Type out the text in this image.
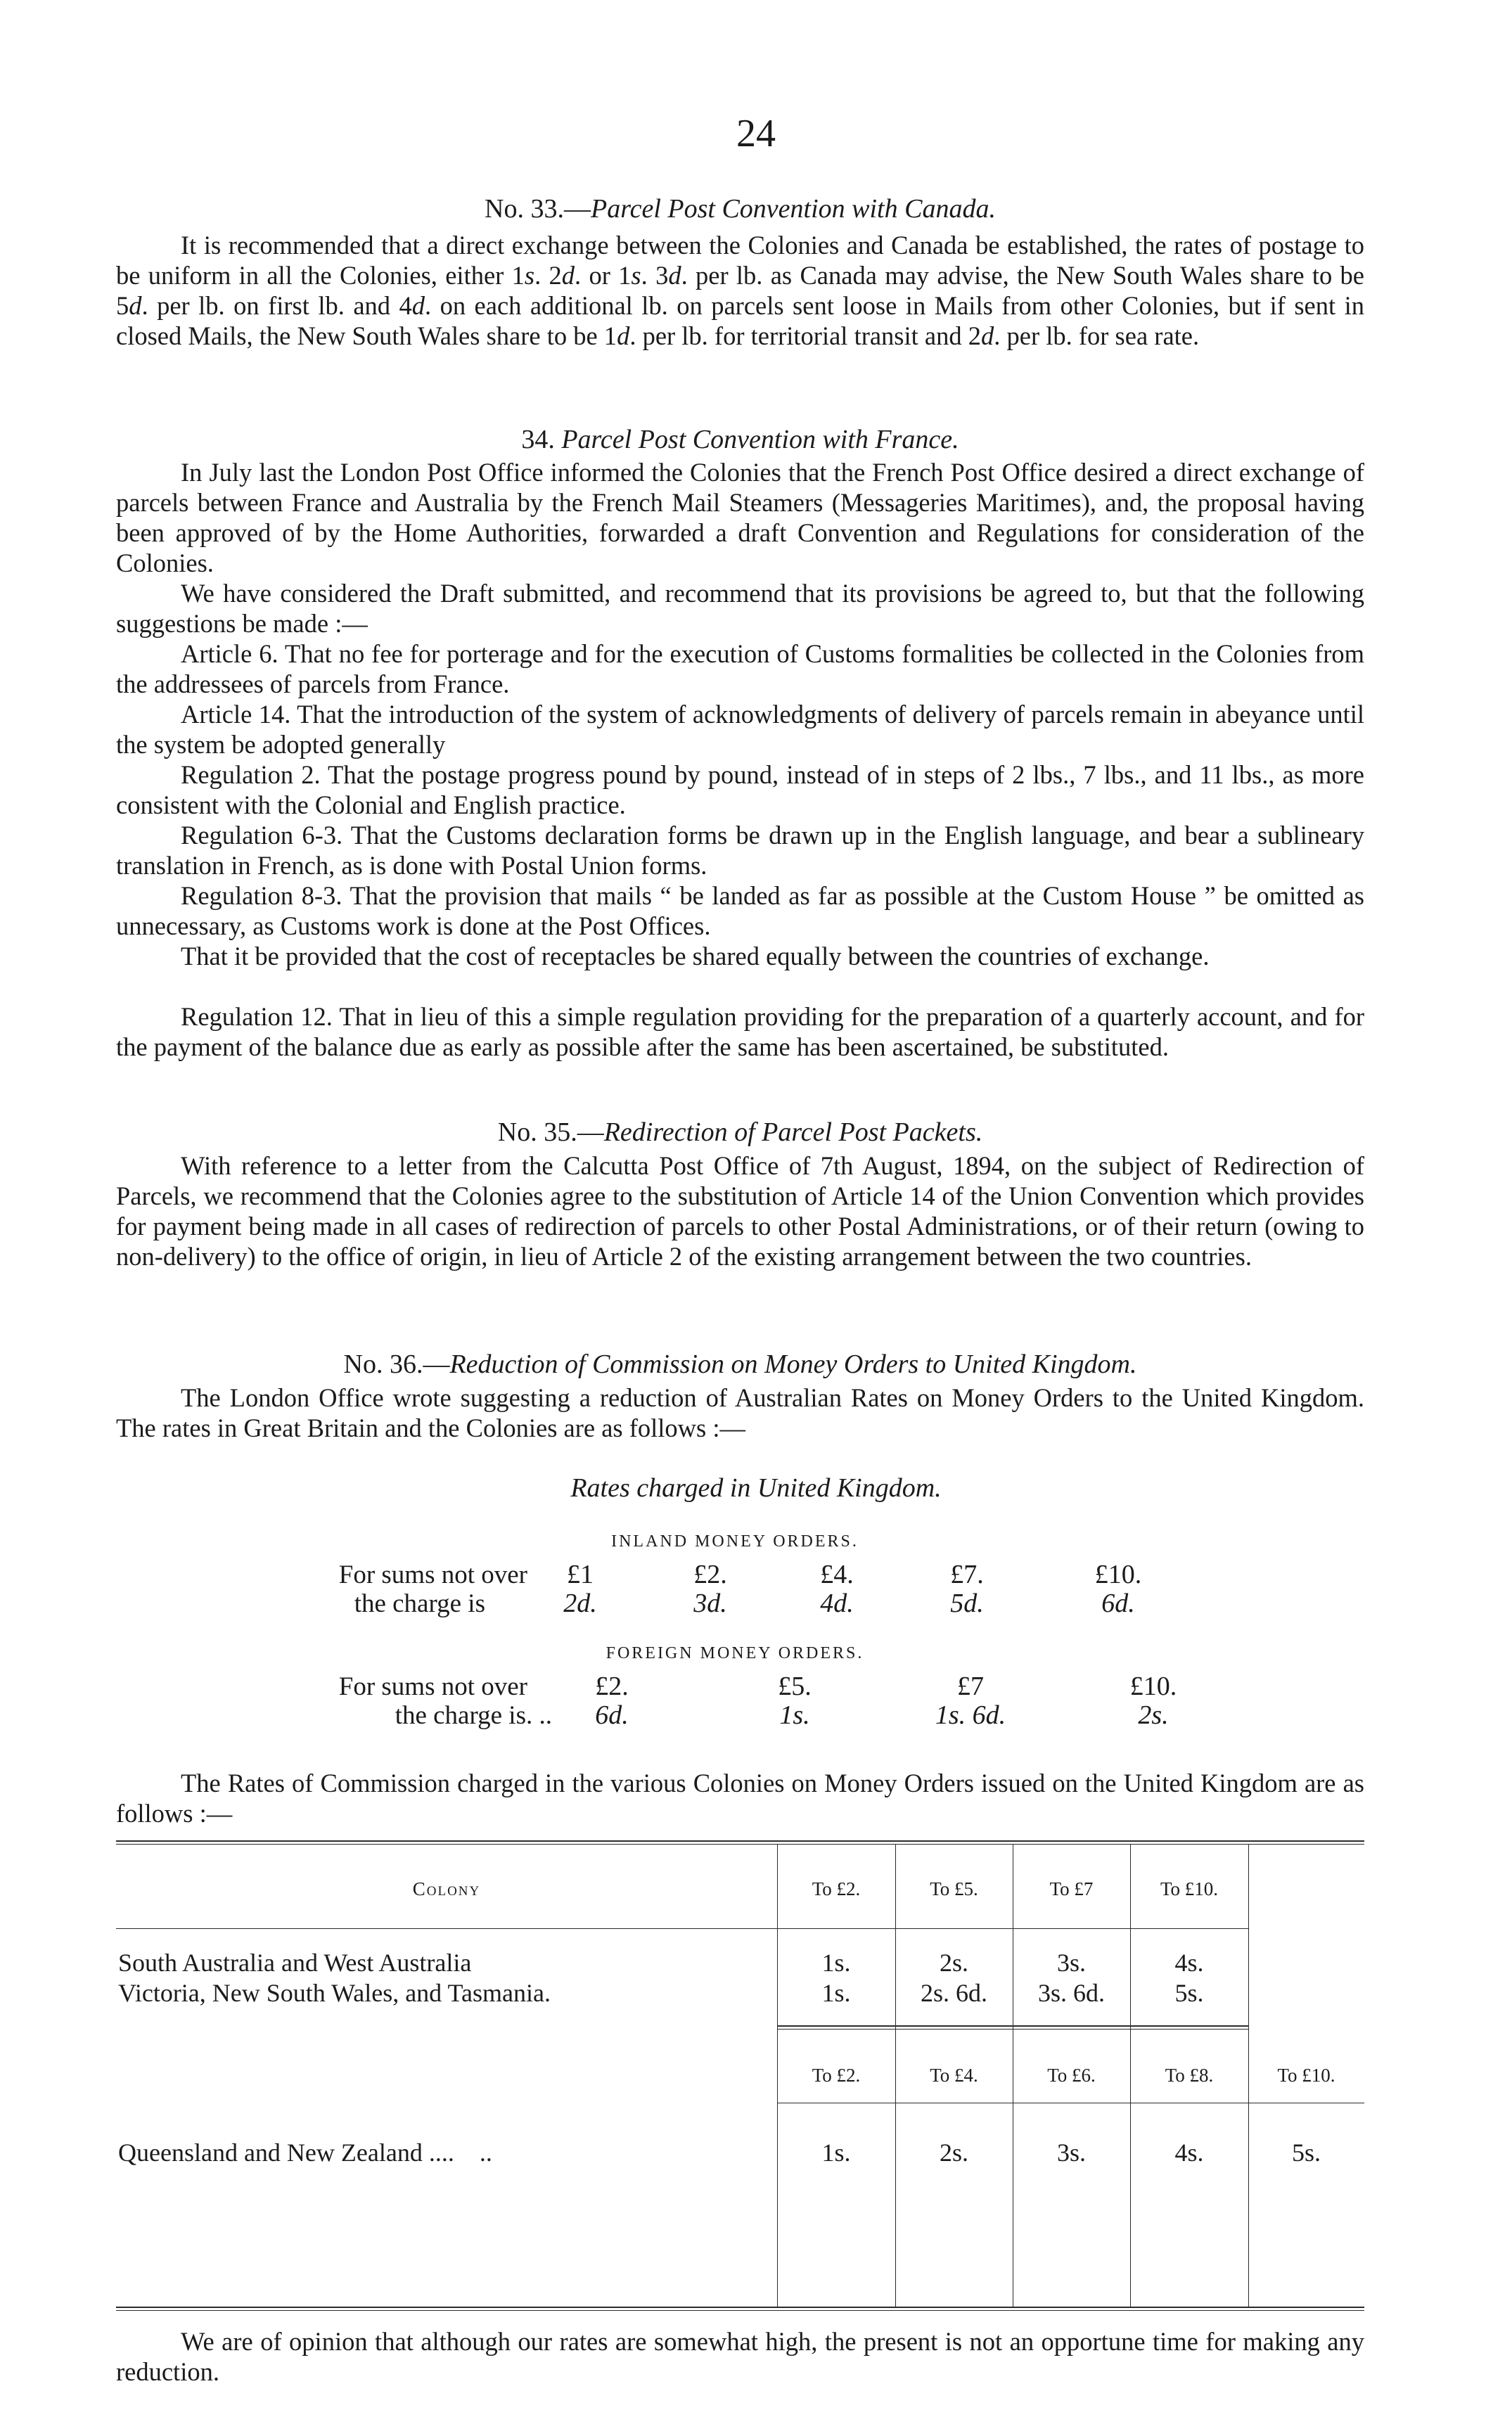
24
No. 33.—Parcel Post Convention with Canada.

It is recommended that a direct exchange between the Colonies and Canada be established, the rates of postage to be uniform in all the Colonies, either 1s. 2d. or 1s. 3d. per lb. as Canada may advise, the New South Wales share to be 5d. per lb. on first lb. and 4d. on each additional lb. on parcels sent loose in Mails from other Colonies, but if sent in closed Mails, the New South Wales share to be 1d. per lb. for territorial transit and 2d. per lb. for sea rate.

34. Parcel Post Convention with France.

In July last the London Post Office informed the Colonies that the French Post Office desired a direct exchange of parcels between France and Australia by the French Mail Steamers (Messageries Maritimes), and, the proposal having been approved of by the Home Authorities, forwarded a draft Convention and Regulations for consideration of the Colonies.

We have considered the Draft submitted, and recommend that its provisions be agreed to, but that the following suggestions be made :—

Article 6. That no fee for porterage and for the execution of Customs formalities be collected in the Colonies from the addressees of parcels from France.

Article 14. That the introduction of the system of acknowledgments of delivery of parcels remain in abeyance until the system be adopted generally

Regulation 2. That the postage progress pound by pound, instead of in steps of 2 lbs., 7 lbs., and 11 lbs., as more consistent with the Colonial and English practice.

Regulation 6-3. That the Customs declaration forms be drawn up in the English language, and bear a sublineary translation in French, as is done with Postal Union forms.

Regulation 8-3. That the provision that mails “ be landed as far as possible at the Custom House ” be omitted as unnecessary, as Customs work is done at the Post Offices.

That it be provided that the cost of receptacles be shared equally between the countries of exchange.

Regulation 12. That in lieu of this a simple regulation providing for the preparation of a quarterly account, and for the payment of the balance due as early as possible after the same has been ascertained, be substituted.

No. 35.—Redirection of Parcel Post Packets.

With reference to a letter from the Calcutta Post Office of 7th August, 1894, on the subject of Redirection of Parcels, we recommend that the Colonies agree to the substitution of Article 14 of the Union Convention which provides for payment being made in all cases of redirection of parcels to other Postal Administrations, or of their return (owing to non-delivery) to the office of origin, in lieu of Article 2 of the existing arrangement between the two countries.

No. 36.—Reduction of Commission on Money Orders to United Kingdom.

The London Office wrote suggesting a reduction of Australian Rates on Money Orders to the United Kingdom. The rates in Great Britain and the Colonies are as follows :—

Rates charged in United Kingdom.
INLAND MONEY ORDERS.
For sums not over
the charge is
£1	£2.	£4.	£7.	£10.
2d.	3d.	4d.	5d.	6d.
FOREIGN MONEY ORDERS.
For sums not over
the charge is. ..
£2.	£5.	£7	£10.
6d.	1s.	1s. 6d.	2s.

The Rates of Commission charged in the various Colonies on Money Orders issued on the United Kingdom are as follows :—

Colony	To £2.	To £5.	To £7	To £10.
South Australia and West Australia	1s.	2s.	3s.	4s.
Victoria, New South Wales, and Tasmania.	1s.	2s. 6d.	3s. 6d.	5s.
To £2.	To £4.	To £6.	To £8.	To £10.
Queensland and New Zealand ....    ..	1s.	2s.	3s.	4s.	5s.

We are of opinion that although our rates are somewhat high, the present is not an opportune time for making any reduction.
